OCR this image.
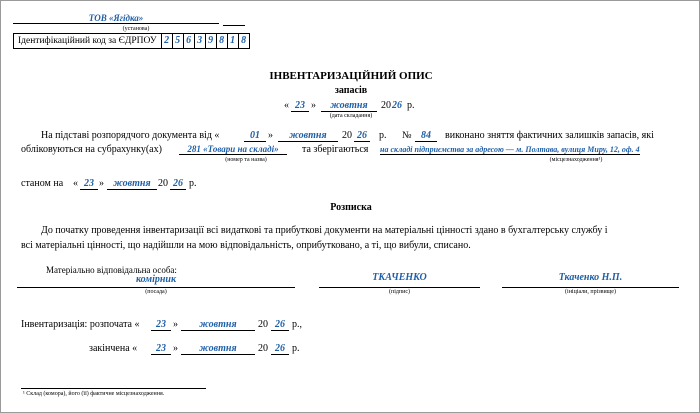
ТОВ «Ягідка»
(установа)
Ідентифікаційний код за ЄДРПОУ 2 5 6 3 9 8 1 8
ІНВЕНТАРИЗАЦІЙНИЙ ОПИС
запасів
« 23 »	жовтня	20 26 р.
(дата складання)
На підставі розпорядчого документа від «	01 »	жовтня	20 26	р. № 84	виконано зняття фактичних залишків запасів, які
обліковуються на субрахунку(ах)	281 «Товари на складі»	та зберігаються на складі підприємства за адресою — м. Полтава, вулиця Миру, 12, оф. 4
(номер та назва)	(місцезнаходження¹)
станом на « 23 » жовтня 20 26 р.
Розписка
До початку проведення інвентаризації всі видаткові та прибуткові документи на матеріальні цінності здано в бухгалтерську службу і
всі матеріальні цінності, що надійшли на мою відповідальність, оприбутковано, а ті, що вибули, списано.
Матеріально відповідальна особа:
комірник
(посада)
ТКАЧЕНКО
(підпис)
Ткаченко Н.П.
(ініціали, прізвище)
Інвентаризація: розпочата «	23 »	жовтня	20 26 р.,
закінчена «	23 »	жовтня	20 26 р.
¹ Склад (комора), його (її) фактичне місцезнаходження.
